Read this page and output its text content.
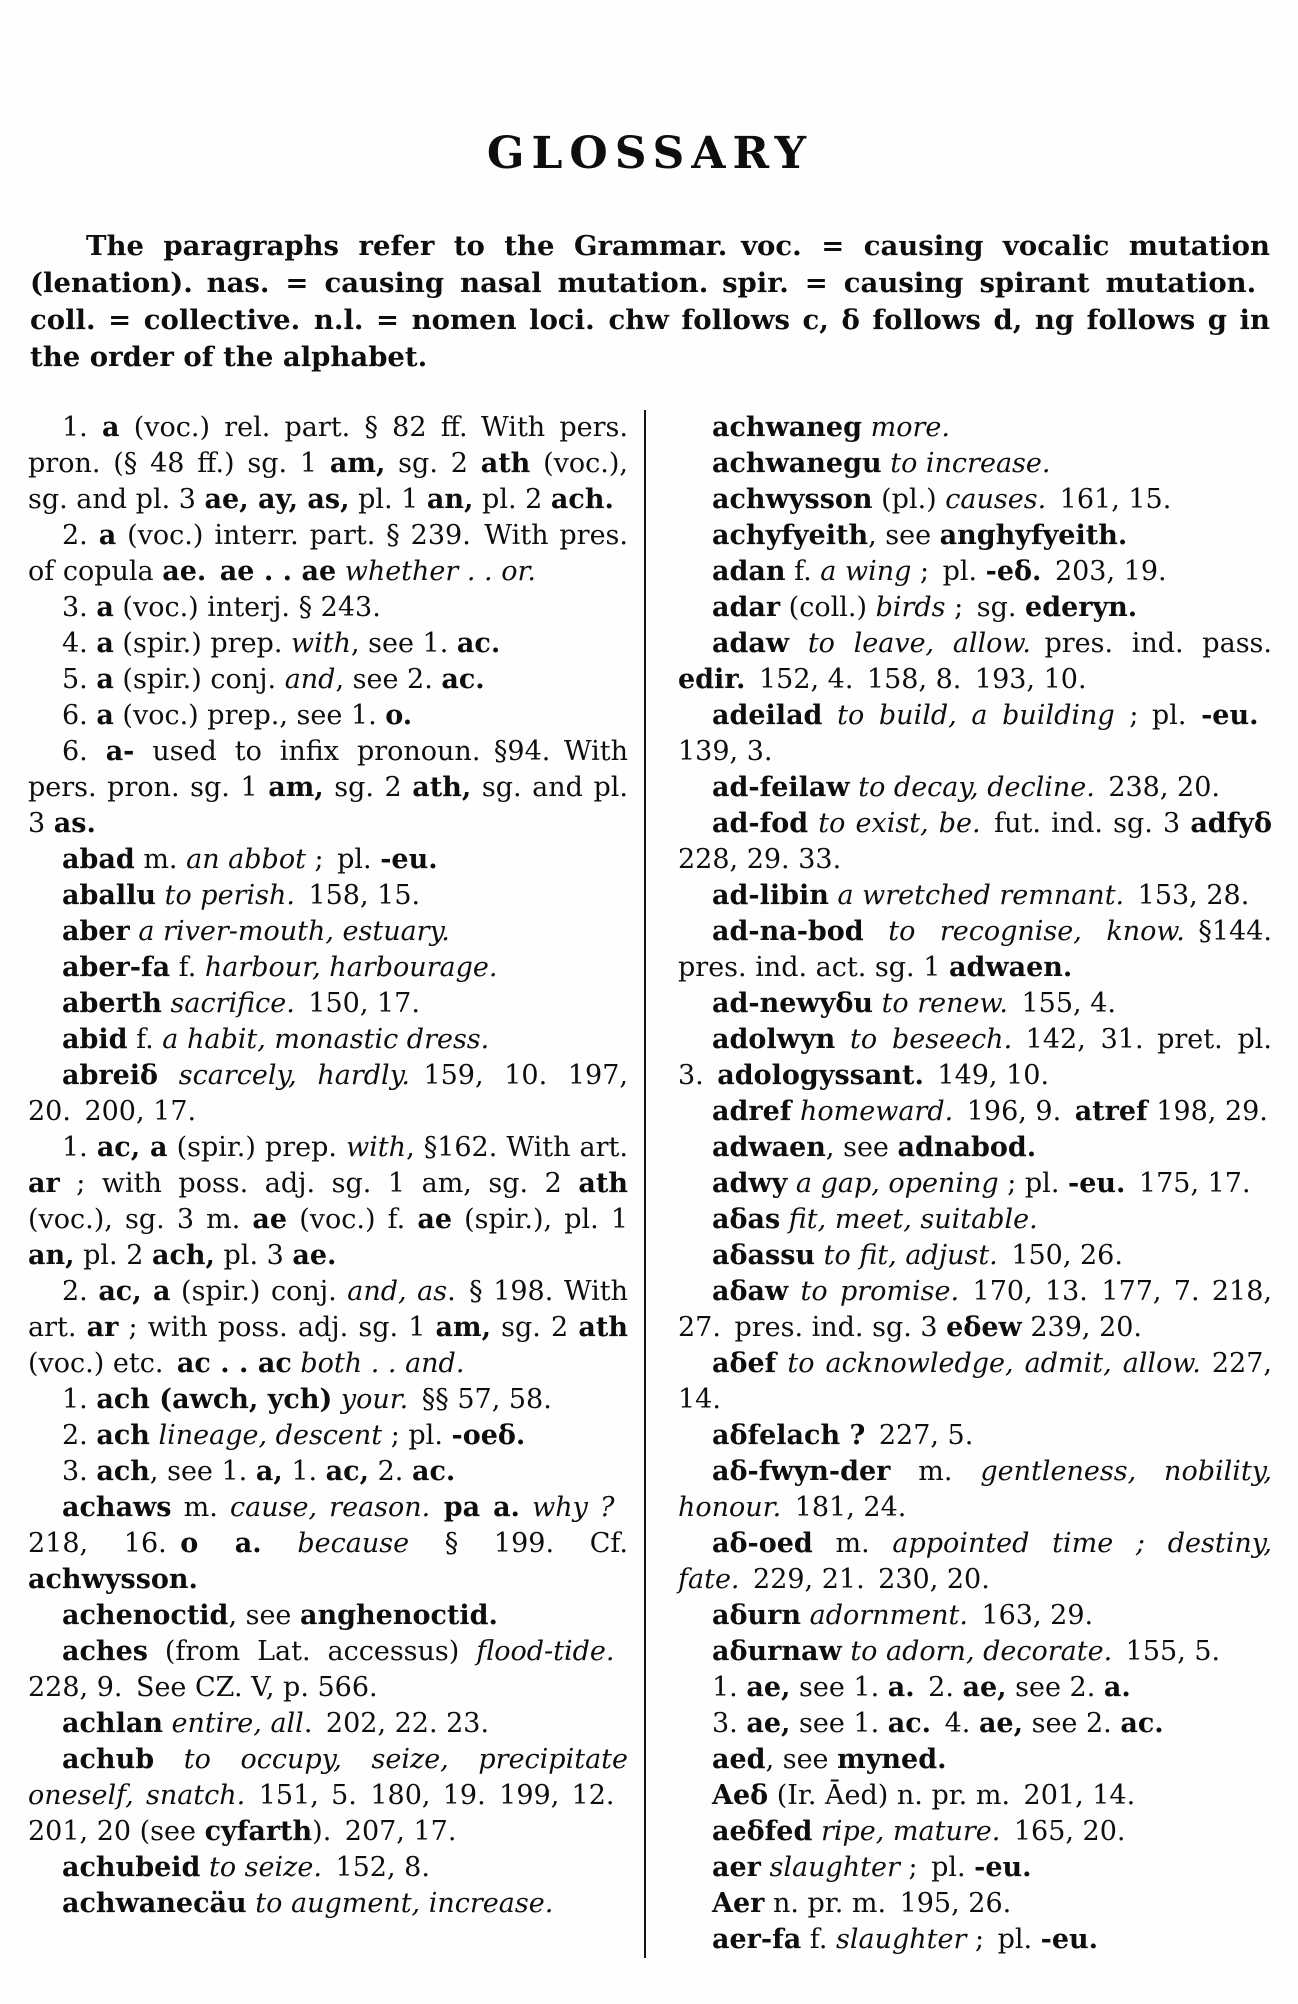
GLOSSARY

The paragraphs refer to the Grammar. voc. = causing vocalic mutation (lenation). nas. = causing nasal mutation. spir. = causing spirant mutation. coll. = collective. n.l. = nomen loci. chw follows c, δ follows d, ng follows g in the order of the alphabet.

1. a (voc.) rel. part. § 82 ff. With pers. pron. (§ 48 ff.) sg. 1 am, sg. 2 ath (voc.), sg. and pl. 3 ae, ay, as, pl. 1 an, pl. 2 ach.

2. a (voc.) interr. part. § 239. With pres. of copula ae. ae . . ae whether . . or.

3. a (voc.) interj. § 243.

4. a (spir.) prep. with, see 1. ac.

5. a (spir.) conj. and, see 2. ac.

6. a (voc.) prep., see 1. o.

6. a- used to infix pronoun. §94. With pers. pron. sg. 1 am, sg. 2 ath, sg. and pl. 3 as.

abad m. an abbot ; pl. -eu.

aballu to perish. 158, 15.

aber a river-mouth, estuary.

aber-fa f. harbour, harbourage.

aberth sacrifice. 150, 17.

abid f. a habit, monastic dress.

abreiδ scarcely, hardly. 159, 10. 197, 20. 200, 17.

1. ac, a (spir.) prep. with, §162. With art. ar ; with poss. adj. sg. 1 am, sg. 2 ath (voc.), sg. 3 m. ae (voc.) f. ae (spir.), pl. 1 an, pl. 2 ach, pl. 3 ae.

2. ac, a (spir.) conj. and, as. § 198. With art. ar ; with poss. adj. sg. 1 am, sg. 2 ath (voc.) etc. ac . . ac both . . and.

1. ach (awch, ych) your. §§ 57, 58.

2. ach lineage, descent ; pl. -oeδ.

3. ach, see 1. a, 1. ac, 2. ac.

achaws m. cause, reason.  pa a. why ? 218, 16. o a. because § 199. Cf. achwysson.

achenoctid, see anghenoctid.

aches (from Lat. accessus) flood-tide. 228, 9. See CZ. V, p. 566.

achlan entire, all. 202, 22. 23.

achub to occupy, seize, precipitate oneself, snatch. 151, 5. 180, 19. 199, 12. 201, 20 (see cyfarth). 207, 17.

achubeid to seize. 152, 8.

achwanecäu to augment, increase.

achwaneg more.

achwanegu to increase.

achwysson (pl.) causes. 161, 15.

achyfyeith, see anghyfyeith.

adan f. a wing ; pl. -eδ. 203, 19.

adar (coll.) birds ; sg. ederyn.

adaw to leave, allow. pres. ind. pass. edir. 152, 4. 158, 8. 193, 10.

adeilad to build, a building ; pl. -eu. 139, 3.

ad-feilaw to decay, decline. 238, 20.

ad-fod to exist, be. fut. ind. sg. 3 adfyδ 228, 29. 33.

ad-libin a wretched remnant. 153, 28.

ad-na-bod to recognise, know. §144. pres. ind. act. sg. 1 adwaen.

ad-newyδu to renew. 155, 4.

adolwyn to beseech. 142, 31. pret. pl. 3. adologyssant. 149, 10.

adref homeward. 196, 9. atref 198, 29.

adwaen, see adnabod.

adwy a gap, opening ; pl. -eu. 175, 17.

aδas fit, meet, suitable.

aδassu to fit, adjust. 150, 26.

aδaw to promise. 170, 13. 177, 7. 218, 27. pres. ind. sg. 3 eδew 239, 20.

aδef to acknowledge, admit, allow. 227, 14.

aδfelach ? 227, 5.

aδ-fwyn-der m. gentleness, nobility, honour. 181, 24.

aδ-oed m. appointed time ; destiny, fate. 229, 21. 230, 20.

aδurn adornment. 163, 29.

aδurnaw to adorn, decorate. 155, 5.

1. ae, see 1. a. 2. ae, see 2. a.

3. ae, see 1. ac. 4. ae, see 2. ac.

aed, see myned.

Aeδ (Ir. Āed) n. pr. m. 201, 14.

aeδfed ripe, mature. 165, 20.

aer slaughter ; pl. -eu.

Aer n. pr. m. 195, 26.

aer-fa f. slaughter ; pl. -eu.
